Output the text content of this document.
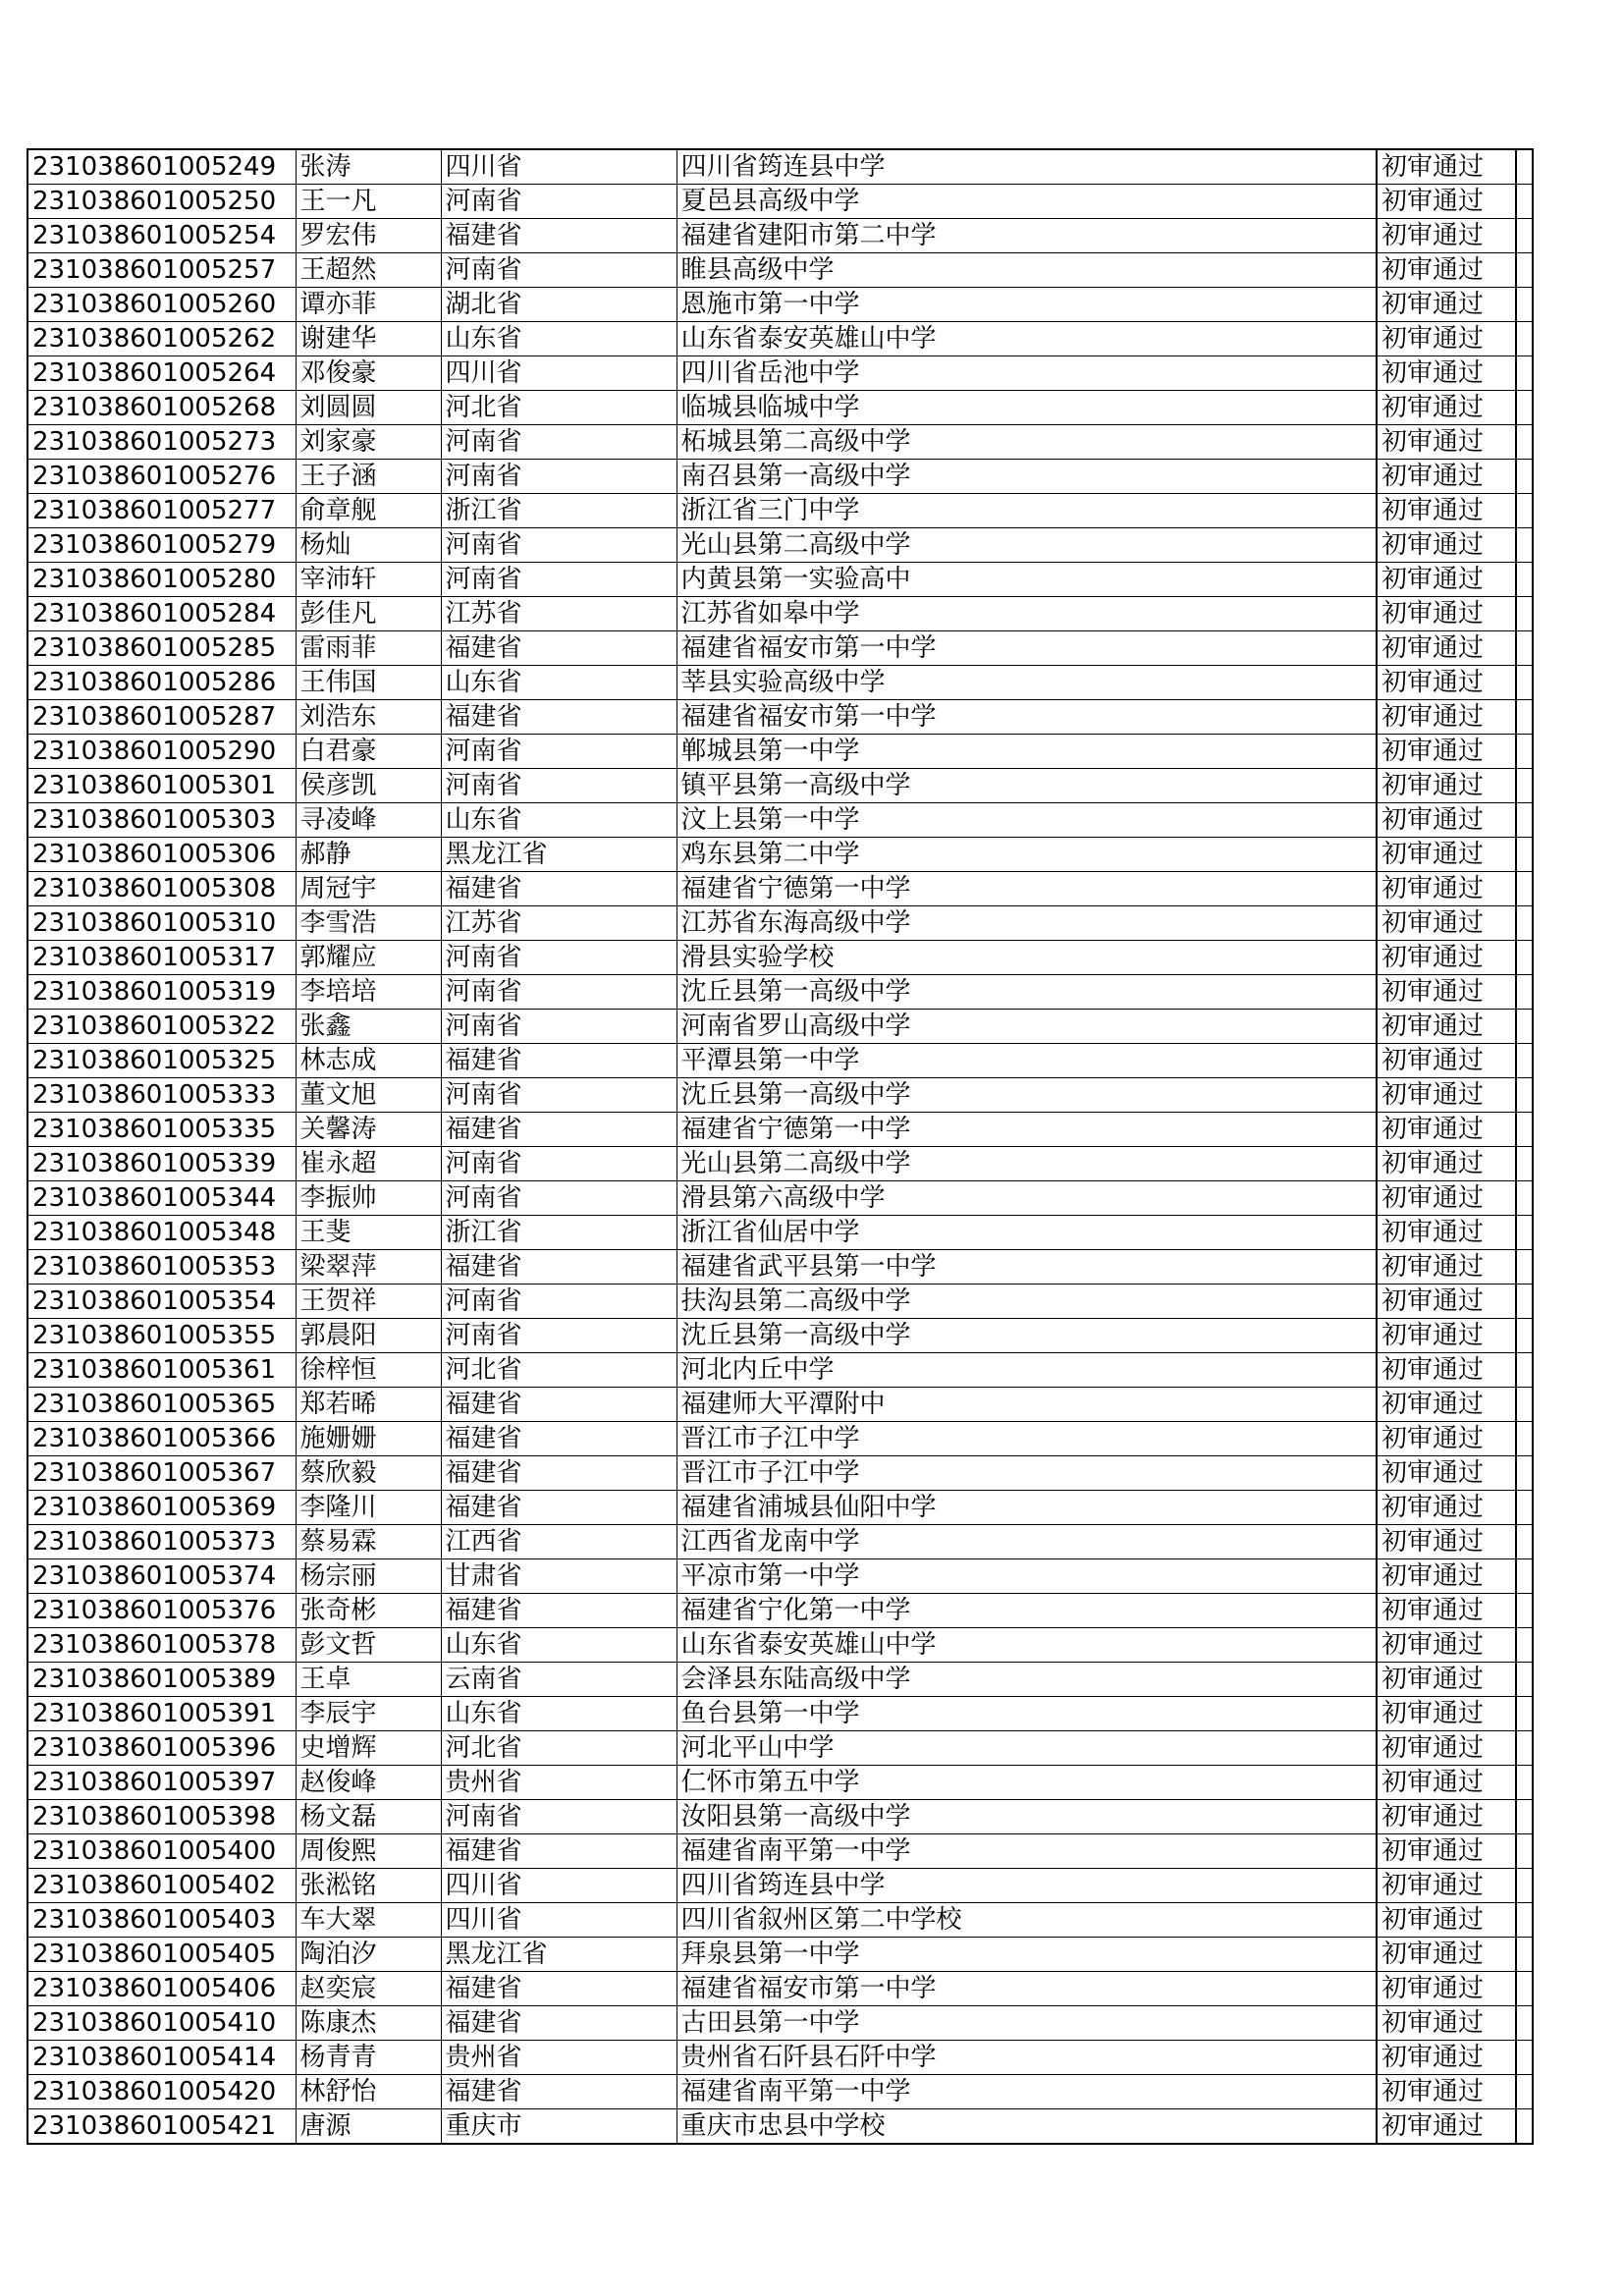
231038601005249	张涛	四川省	四川省筠连县中学	初审通过	
231038601005250	王一凡	河南省	夏邑县高级中学	初审通过	
231038601005254	罗宏伟	福建省	福建省建阳市第二中学	初审通过	
231038601005257	王超然	河南省	睢县高级中学	初审通过	
231038601005260	谭亦菲	湖北省	恩施市第一中学	初审通过	
231038601005262	谢建华	山东省	山东省泰安英雄山中学	初审通过	
231038601005264	邓俊豪	四川省	四川省岳池中学	初审通过	
231038601005268	刘圆圆	河北省	临城县临城中学	初审通过	
231038601005273	刘家豪	河南省	柘城县第二高级中学	初审通过	
231038601005276	王子涵	河南省	南召县第一高级中学	初审通过	
231038601005277	俞章舰	浙江省	浙江省三门中学	初审通过	
231038601005279	杨灿	河南省	光山县第二高级中学	初审通过	
231038601005280	宰沛轩	河南省	内黄县第一实验高中	初审通过	
231038601005284	彭佳凡	江苏省	江苏省如皋中学	初审通过	
231038601005285	雷雨菲	福建省	福建省福安市第一中学	初审通过	
231038601005286	王伟国	山东省	莘县实验高级中学	初审通过	
231038601005287	刘浩东	福建省	福建省福安市第一中学	初审通过	
231038601005290	白君豪	河南省	郸城县第一中学	初审通过	
231038601005301	侯彦凯	河南省	镇平县第一高级中学	初审通过	
231038601005303	寻凌峰	山东省	汶上县第一中学	初审通过	
231038601005306	郝静	黑龙江省	鸡东县第二中学	初审通过	
231038601005308	周冠宇	福建省	福建省宁德第一中学	初审通过	
231038601005310	李雪浩	江苏省	江苏省东海高级中学	初审通过	
231038601005317	郭耀应	河南省	滑县实验学校	初审通过	
231038601005319	李培培	河南省	沈丘县第一高级中学	初审通过	
231038601005322	张鑫	河南省	河南省罗山高级中学	初审通过	
231038601005325	林志成	福建省	平潭县第一中学	初审通过	
231038601005333	董文旭	河南省	沈丘县第一高级中学	初审通过	
231038601005335	关馨涛	福建省	福建省宁德第一中学	初审通过	
231038601005339	崔永超	河南省	光山县第二高级中学	初审通过	
231038601005344	李振帅	河南省	滑县第六高级中学	初审通过	
231038601005348	王斐	浙江省	浙江省仙居中学	初审通过	
231038601005353	梁翠萍	福建省	福建省武平县第一中学	初审通过	
231038601005354	王贺祥	河南省	扶沟县第二高级中学	初审通过	
231038601005355	郭晨阳	河南省	沈丘县第一高级中学	初审通过	
231038601005361	徐梓恒	河北省	河北内丘中学	初审通过	
231038601005365	郑若晞	福建省	福建师大平潭附中	初审通过	
231038601005366	施姗姗	福建省	晋江市子江中学	初审通过	
231038601005367	蔡欣毅	福建省	晋江市子江中学	初审通过	
231038601005369	李隆川	福建省	福建省浦城县仙阳中学	初审通过	
231038601005373	蔡易霖	江西省	江西省龙南中学	初审通过	
231038601005374	杨宗丽	甘肃省	平凉市第一中学	初审通过	
231038601005376	张奇彬	福建省	福建省宁化第一中学	初审通过	
231038601005378	彭文哲	山东省	山东省泰安英雄山中学	初审通过	
231038601005389	王卓	云南省	会泽县东陆高级中学	初审通过	
231038601005391	李辰宇	山东省	鱼台县第一中学	初审通过	
231038601005396	史增辉	河北省	河北平山中学	初审通过	
231038601005397	赵俊峰	贵州省	仁怀市第五中学	初审通过	
231038601005398	杨文磊	河南省	汝阳县第一高级中学	初审通过	
231038601005400	周俊熙	福建省	福建省南平第一中学	初审通过	
231038601005402	张淞铭	四川省	四川省筠连县中学	初审通过	
231038601005403	车大翠	四川省	四川省叙州区第二中学校	初审通过	
231038601005405	陶泊汐	黑龙江省	拜泉县第一中学	初审通过	
231038601005406	赵奕宸	福建省	福建省福安市第一中学	初审通过	
231038601005410	陈康杰	福建省	古田县第一中学	初审通过	
231038601005414	杨青青	贵州省	贵州省石阡县石阡中学	初审通过	
231038601005420	林舒怡	福建省	福建省南平第一中学	初审通过	
231038601005421	唐源	重庆市	重庆市忠县中学校	初审通过	
